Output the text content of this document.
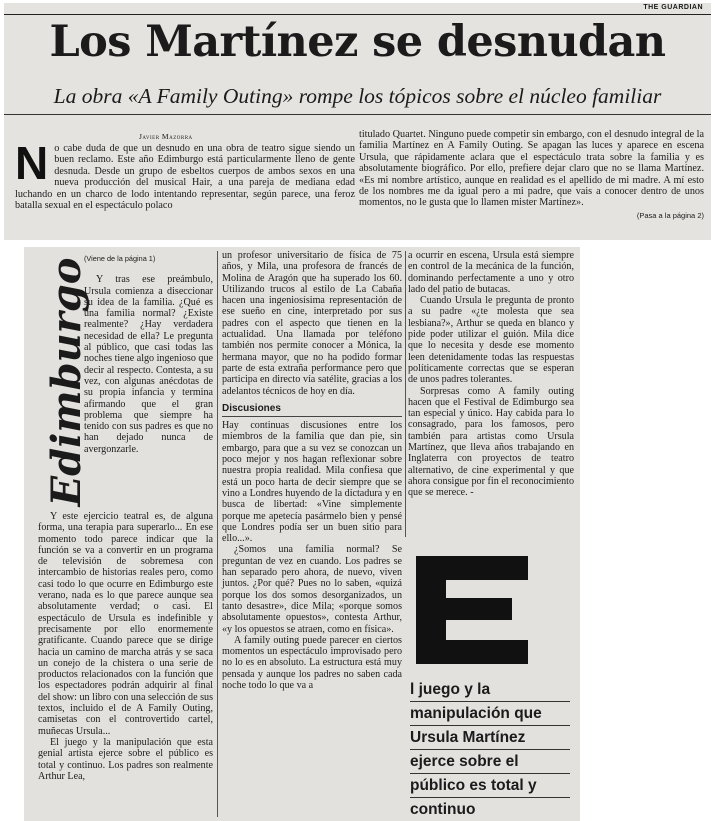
THE GUARDIAN
Los Martínez se desnudan
La obra «A Family Outing» rompe los tópicos sobre el núcleo familiar
Javier Mazorra
No cabe duda de que un desnudo en una obra de teatro sigue siendo un buen reclamo. Este año Edimburgo está particularmente lleno de gente desnuda. Desde un grupo de esbeltos cuerpos de ambos sexos en una nueva producción del musical Hair, a una pareja de mediana edad luchando en un charco de lodo intentando representar, según parece, una feroz batalla sexual en el espectáculo polaco
titulado Quartet. Ninguno puede competir sin embargo, con el desnudo integral de la familia Martínez en A Family Outing. Se apagan las luces y aparece en escena Ursula, que rápidamente aclara que el espectáculo trata sobre la familia y es absolutamente biográfico. Por ello, prefiere dejar claro que no se llama Martínez. «Es mi nombre artístico, aunque en realidad es el apellido de mi madre. A mí esto de los nombres me da igual pero a mi padre, que vais a conocer dentro de unos momentos, no le gusta que lo llamen mister Martínez».
(Pasa a la página 2)
Edimburgo
(Viene de la página 1)

Y tras ese preámbulo, Ursula comienza a diseccionar su idea de la familia. ¿Qué es una familia normal? ¿Existe realmente? ¿Hay verdadera necesidad de ella? Le pregunta al público, que casi todas las noches tiene algo ingenioso que decir al respecto. Contesta, a su vez, con algunas anécdotas de su propia infancia y termina afirmando que el gran problema que siempre ha tenido con sus padres es que no han dejado nunca de avergonzarle.

Y este ejercicio teatral es, de alguna forma, una terapia para superarlo... En ese momento todo parece indicar que la función se va a convertir en un programa de televisión de sobremesa con intercambio de historias reales pero, como casi todo lo que ocurre en Edimburgo este verano, nada es lo que parece aunque sea absolutamente verdad; o casi. El espectáculo de Ursula es indefinible y precisamente por ello enormemente gratificante. Cuando parece que se dirige hacia un camino de marcha atrás y se saca un conejo de la chistera o una serie de productos relacionados con la función que los espectadores podrán adquirir al final del show: un libro con una selección de sus textos, incluido el de A Family Outing, camisetas con el controvertido cartel, muñecas Ursula...

El juego y la manipulación que esta genial artista ejerce sobre el público es total y continuo. Los padres son realmente Arthur Lea,

un profesor universitario de física de 75 años, y Mila, una profesora de francés de Molina de Aragón que ha superado los 60. Utilizando trucos al estilo de La Cabaña hacen una ingeniosísima representación de ese sueño en cine, interpretado por sus padres con el aspecto que tienen en la actualidad. Una llamada por teléfono también nos permite conocer a Mónica, la hermana mayor, que no ha podido formar parte de esta extraña performance pero que participa en directo vía satélite, gracias a los adelantos técnicos de hoy en día.

Discusiones

Hay continuas discusiones entre los miembros de la familia que dan pie, sin embargo, para que a su vez se conozcan un poco mejor y nos hagan reflexionar sobre nuestra propia realidad. Mila confiesa que está un poco harta de decir siempre que se vino a Londres huyendo de la dictadura y en busca de libertad: «Vine simplemente porque me apetecía pasármelo bien y pensé que Londres podía ser un buen sitio para ello...».

¿Somos una familia normal? Se preguntan de vez en cuando. Los padres se han separado pero ahora, de nuevo, viven juntos. ¿Por qué? Pues no lo saben, «quizá porque los dos somos desorganizados, un tanto desastre», dice Mila; «porque somos absolutamente opuestos», contesta Arthur, «y los opuestos se atraen, como en física».

A family outing puede parecer en ciertos momentos un espectáculo improvisado pero no lo es en absoluto. La estructura está muy pensada y aunque los padres no saben cada noche todo lo que va a

a ocurrir en escena, Ursula está siempre en control de la mecánica de la función, dominando perfectamente a uno y otro lado del patio de butacas.

Cuando Ursula le pregunta de pronto a su padre «¿te molesta que sea lesbiana?», Arthur se queda en blanco y pide poder utilizar el guión. Mila dice que lo necesita y desde ese momento leen detenidamente todas las respuestas políticamente correctas que se esperan de unos padres tolerantes.

Sorpresas como A family outing hacen que el Festival de Edimburgo sea tan especial y único. Hay cabida para lo consagrado, para los famosos, pero también para artistas como Ursula Martínez, que lleva años trabajando en Inglaterra con proyectos de teatro alternativo, de cine experimental y que ahora consigue por fin el reconocimiento que se merece. -

E
l juego y la
manipulación que
Ursula Martínez
ejerce sobre el
público es total y
continuo
